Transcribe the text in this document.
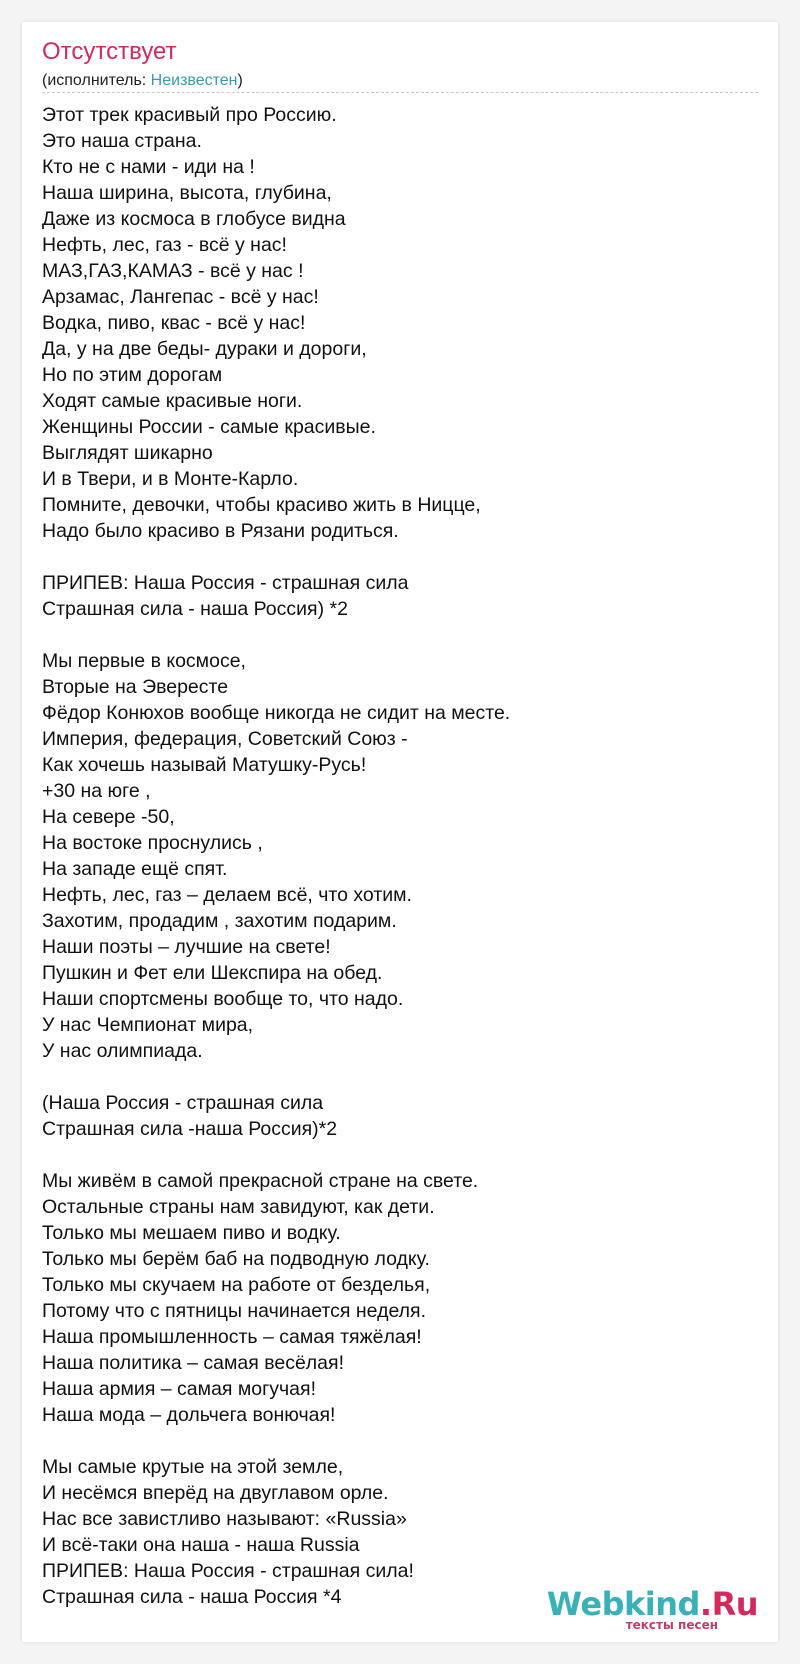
Отсутствует
(исполнитель: Неизвестен)
Этот трек красивый про Россию.
Это наша страна.
Кто не с нами - иди на !
Наша ширина, высота, глубина,
Даже из космоса в глобусе видна
Нефть, лес, газ - всё у нас!
МАЗ,ГАЗ,КАМАЗ - всё у нас !
Арзамас, Лангепас - всё у нас!
Водка, пиво, квас - всё у нас!
Да, у на две беды- дураки и дороги,
Но по этим дорогам
Ходят самые красивые ноги.
Женщины России - самые красивые.
Выглядят шикарно
И в Твери, и в Монте-Карло.
Помните, девочки, чтобы красиво жить в Ницце,
Надо было красиво в Рязани родиться.
ПРИПЕВ: Наша Россия - страшная сила
Страшная сила - наша Россия) *2
Мы первые в космосе,
Вторые на Эвересте
Фёдор Конюхов вообще никогда не сидит на месте.
Империя, федерация, Советский Союз -
Как хочешь называй Матушку-Русь!
+30 на юге ,
На севере -50,
На востоке проснулись ,
На западе ещё спят.
Нефть, лес, газ – делаем всё, что хотим.
Захотим, продадим , захотим подарим.
Наши поэты – лучшие на свете!
Пушкин и Фет ели Шекспира на обед.
Наши спортсмены вообще то, что надо.
У нас Чемпионат мира,
У нас олимпиада.
(Наша Россия - страшная сила
Страшная сила -наша Россия)*2
Мы живём в самой прекрасной стране на свете.
Остальные страны нам завидуют, как дети.
Только мы мешаем пиво и водку.
Только мы берём баб на подводную лодку.
Только мы скучаем на работе от безделья,
Потому что с пятницы начинается неделя.
Наша промышленность – самая тяжёлая!
Наша политика – самая весёлая!
Наша армия – самая могучая!
Наша мода – дольчега вонючая!
Мы самые крутые на этой земле,
И несёмся вперёд на двуглавом орле.
Нас все завистливо называют: «Russia»
И всё-таки она наша - наша Russia
ПРИПЕВ: Наша Россия - страшная сила!
Страшная сила - наша Россия *4	Webkind.Ru
тексты песен
